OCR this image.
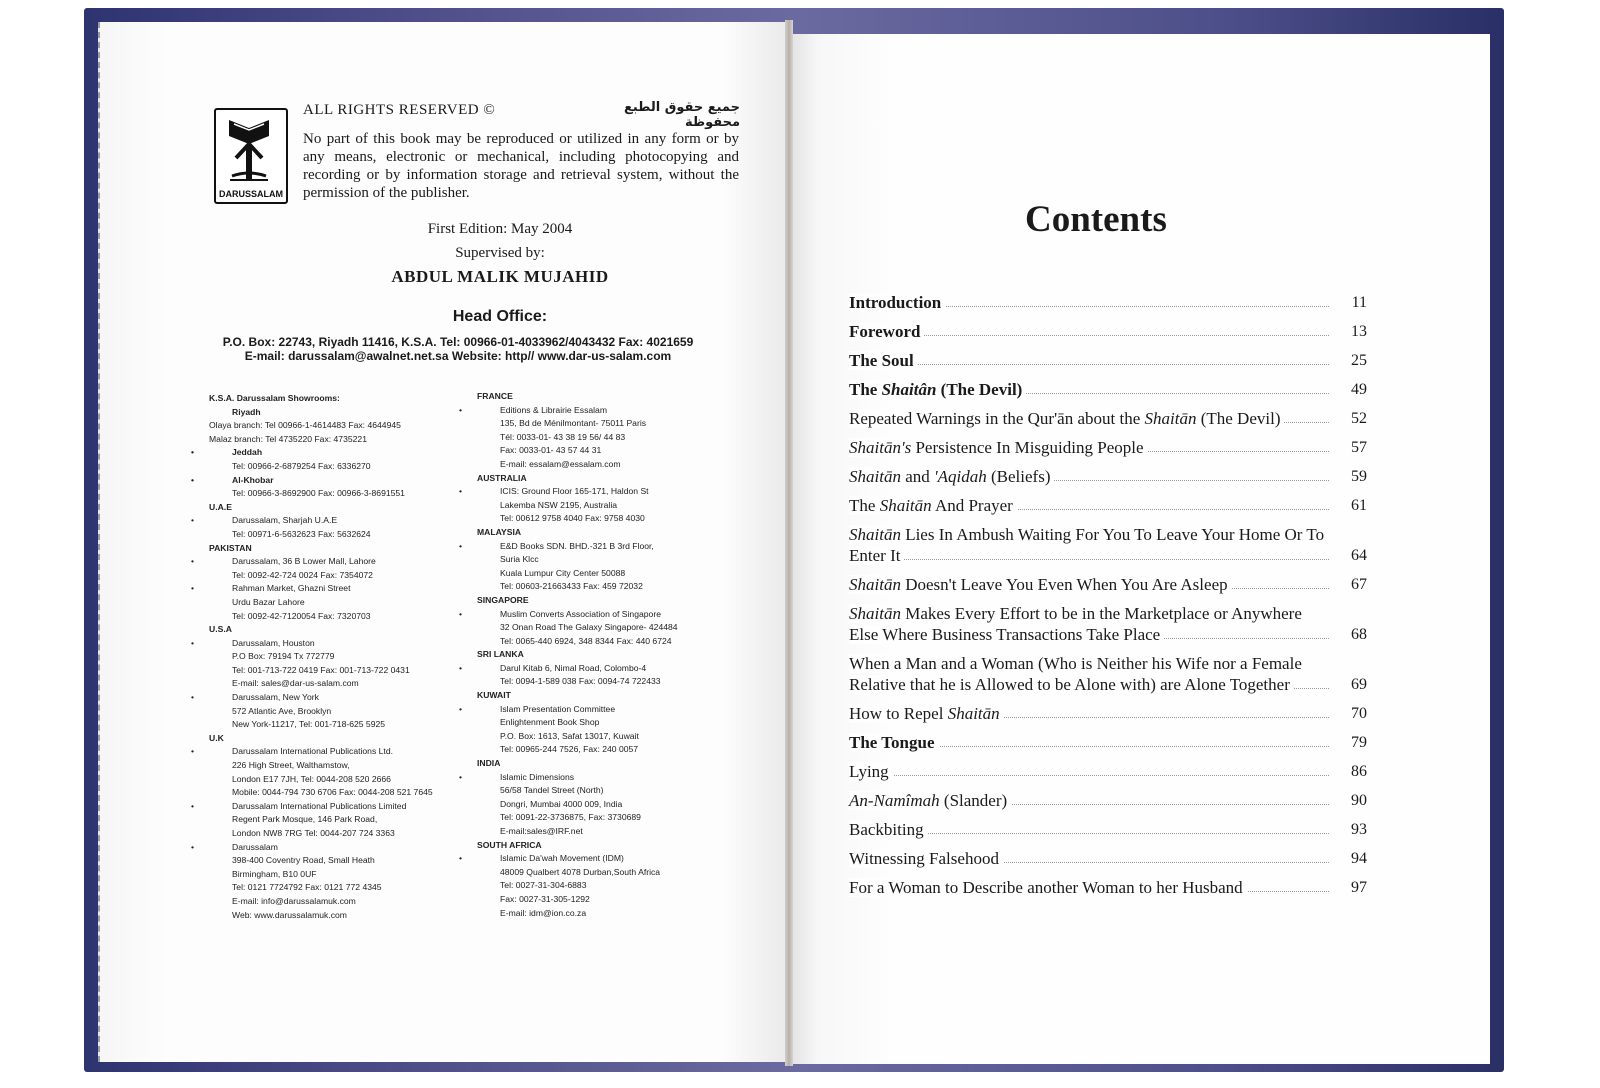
DARUSSALAM
ALL RIGHTS RESERVED ©	جميع حقوق الطبع محفوظة
No part of this book may be reproduced or utilized in any form or by any means, electronic or mechanical, including photocopying and recording or by information storage and retrieval system, without the permission of the publisher.
First Edition: May 2004
Supervised by:
ABDUL MALIK MUJAHID
Head Office:
P.O. Box: 22743, Riyadh 11416, K.S.A. Tel: 00966-01-4033962/4043432 Fax: 4021659
E-mail: darussalam@awalnet.net.sa Website: http// www.dar-us-salam.com
K.S.A. Darussalam Showrooms:
Riyadh
Olaya branch: Tel 00966-1-4614483 Fax: 4644945
Malaz branch: Tel 4735220 Fax: 4735221
• Jeddah
Tel: 00966-2-6879254 Fax: 6336270
• Al-Khobar
Tel: 00966-3-8692900 Fax: 00966-3-8691551
U.A.E
• Darussalam, Sharjah U.A.E
Tel: 00971-6-5632623 Fax: 5632624
PAKISTAN
• Darussalam, 36 B Lower Mall, Lahore
Tel: 0092-42-724 0024 Fax: 7354072
• Rahman Market, Ghazni Street
Urdu Bazar Lahore
Tel: 0092-42-7120054 Fax: 7320703
U.S.A
• Darussalam, Houston
P.O Box: 79194 Tx 772779
Tel: 001-713-722 0419 Fax: 001-713-722 0431
E-mail: sales@dar-us-salam.com
• Darussalam, New York
572 Atlantic Ave, Brooklyn
New York-11217, Tel: 001-718-625 5925
U.K
• Darussalam International Publications Ltd.
226 High Street, Walthamstow,
London E17 7JH, Tel: 0044-208 520 2666
Mobile: 0044-794 730 6706 Fax: 0044-208 521 7645
• Darussalam International Publications Limited
Regent Park Mosque, 146 Park Road,
London NW8 7RG Tel: 0044-207 724 3363
• Darussalam
398-400 Coventry Road, Small Heath
Birmingham, B10 0UF
Tel: 0121 7724792 Fax: 0121 772 4345
E-mail: info@darussalamuk.com
Web: www.darussalamuk.com
FRANCE
• Editions & Librairie Essalam
135, Bd de Ménilmontant- 75011 Paris
Tél: 0033-01- 43 38 19 56/ 44 83
Fax: 0033-01- 43 57 44 31
E-mail: essalam@essalam.com
AUSTRALIA
• ICIS: Ground Floor 165-171, Haldon St
Lakemba NSW 2195, Australia
Tel: 00612 9758 4040 Fax: 9758 4030
MALAYSIA
• E&D Books SDN. BHD.-321 B 3rd Floor,
Suria Klcc
Kuala Lumpur City Center 50088
Tel: 00603-21663433 Fax: 459 72032
SINGAPORE
• Muslim Converts Association of Singapore
32 Onan Road The Galaxy Singapore- 424484
Tel: 0065-440 6924, 348 8344 Fax: 440 6724
SRI LANKA
• Darul Kitab 6, Nimal Road, Colombo-4
Tel: 0094-1-589 038 Fax: 0094-74 722433
KUWAIT
• Islam Presentation Committee
Enlightenment Book Shop
P.O. Box: 1613, Safat 13017, Kuwait
Tel: 00965-244 7526, Fax: 240 0057
INDIA
• Islamic Dimensions
56/58 Tandel Street (North)
Dongri, Mumbai 4000 009, India
Tel: 0091-22-3736875, Fax: 3730689
E-mail:sales@IRF.net
SOUTH AFRICA
• Islamic Da'wah Movement (IDM)
48009 Qualbert 4078 Durban,South Africa
Tel: 0027-31-304-6883
Fax: 0027-31-305-1292
E-mail: idm@ion.co.za
Contents
Introduction	11
Foreword	13
The Soul	25
The Shaitân (The Devil)	49
Repeated Warnings in the Qur'ān about the Shaitān (The Devil)	52
Shaitān's Persistence In Misguiding People	57
Shaitān and 'Aqidah (Beliefs)	59
The Shaitān And Prayer	61
Shaitān Lies In Ambush Waiting For You To Leave Your Home Or To Enter It	64
Shaitān Doesn't Leave You Even When You Are Asleep	67
Shaitān Makes Every Effort to be in the Marketplace or Anywhere Else Where Business Transactions Take Place	68
When a Man and a Woman (Who is Neither his Wife nor a Female Relative that he is Allowed to be Alone with) are Alone Together	69
How to Repel Shaitān	70
The Tongue	79
Lying	86
An-Namîmah (Slander)	90
Backbiting	93
Witnessing Falsehood	94
For a Woman to Describe another Woman to her Husband	97
